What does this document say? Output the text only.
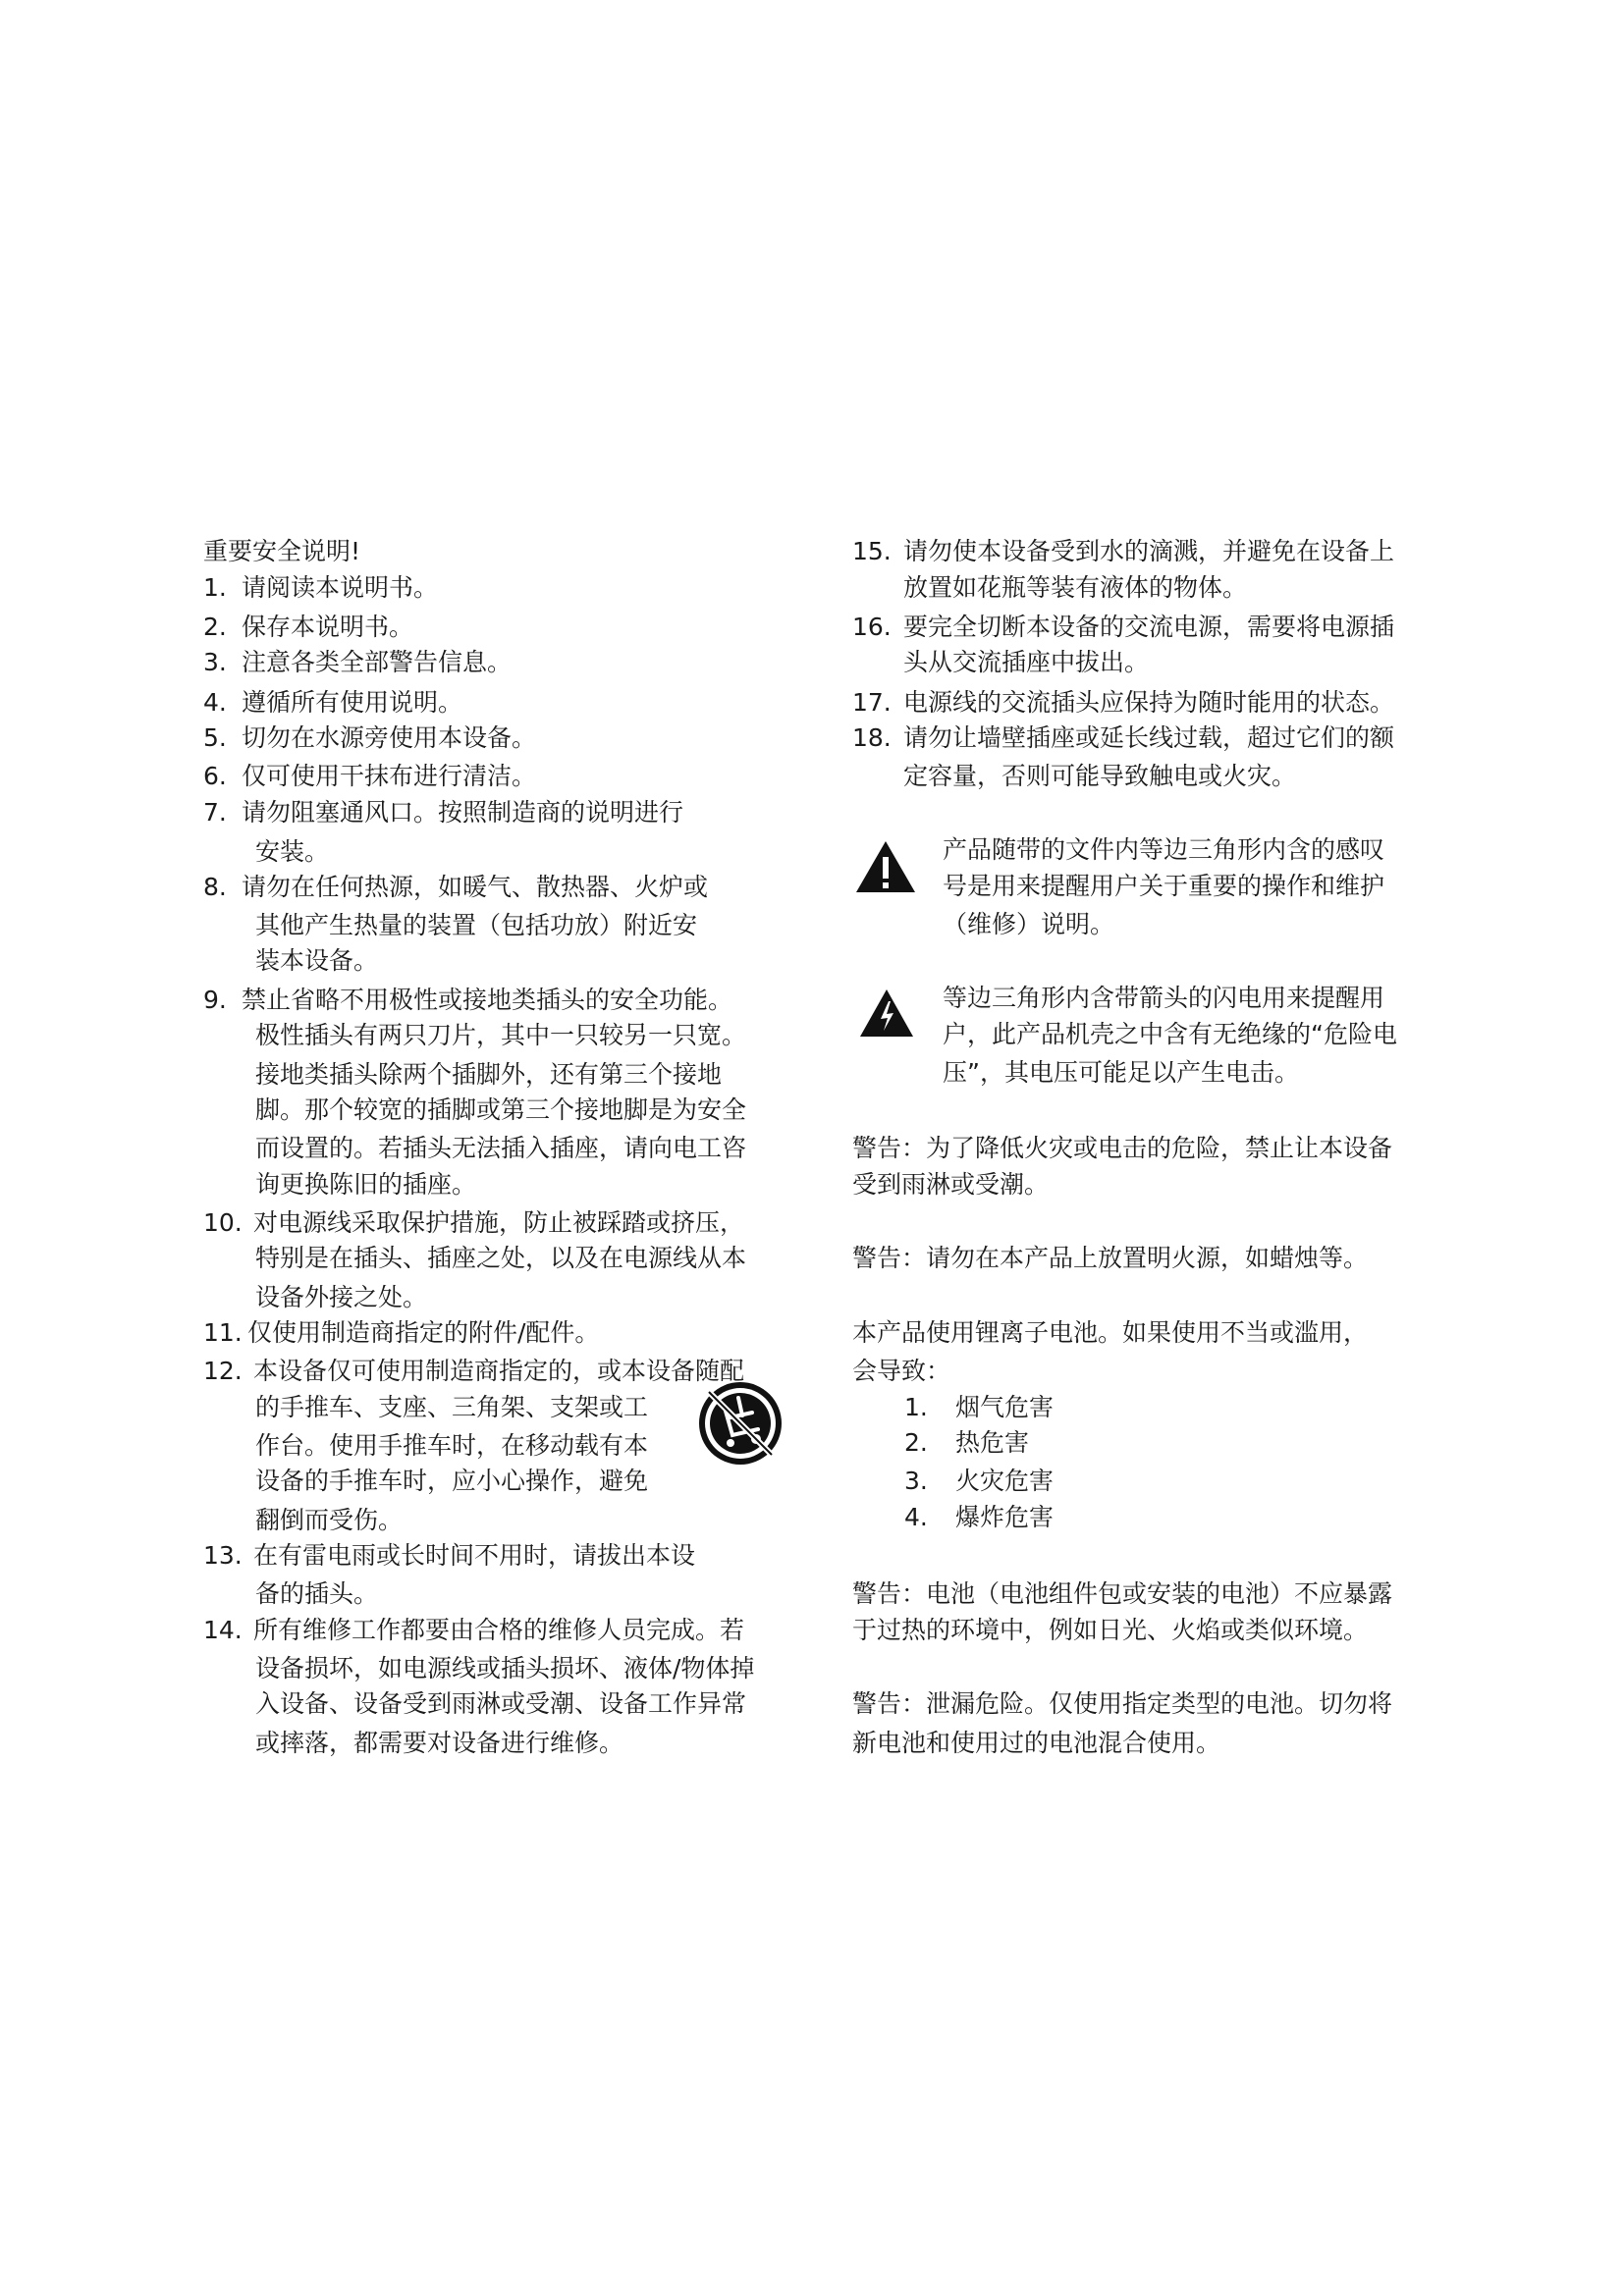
重要安全说明!
1. 请阅读本说明书。
2. 保存本说明书。
3. 注意各类全部警告信息。
4. 遵循所有使用说明。
5. 切勿在水源旁使用本设备。
6. 仅可使用干抹布进行清洁。
7. 请勿阻塞通风口。按照制造商的说明进行
安装。
8. 请勿在任何热源，如暖气、散热器、火炉或
其他产生热量的装置（包括功放）附近安
装本设备。
9. 禁止省略不用极性或接地类插头的安全功能。
极性插头有两只刀片，其中一只较另一只宽。
接地类插头除两个插脚外，还有第三个接地
脚。那个较宽的插脚或第三个接地脚是为安全
而设置的。若插头无法插入插座，请向电工咨
询更换陈旧的插座。
10. 对电源线采取保护措施，防止被踩踏或挤压，
特别是在插头、插座之处，以及在电源线从本
设备外接之处。
11. 仅使用制造商指定的附件/配件。
12. 本设备仅可使用制造商指定的，或本设备随配
的手推车、支座、三角架、支架或工
作台。使用手推车时，在移动载有本
设备的手推车时，应小心操作，避免
翻倒而受伤。
13. 在有雷电雨或长时间不用时，请拔出本设
备的插头。
14. 所有维修工作都要由合格的维修人员完成。若
设备损坏，如电源线或插头损坏、液体/物体掉
入设备、设备受到雨淋或受潮、设备工作异常
或摔落，都需要对设备进行维修。
15. 请勿使本设备受到水的滴溅，并避免在设备上
放置如花瓶等装有液体的物体。
16. 要完全切断本设备的交流电源，需要将电源插
头从交流插座中拔出。
17. 电源线的交流插头应保持为随时能用的状态。
18. 请勿让墙壁插座或延长线过载，超过它们的额
定容量，否则可能导致触电或火灾。
产品随带的文件内等边三角形内含的感叹
号是用来提醒用户关于重要的操作和维护
（维修）说明。
等边三角形内含带箭头的闪电用来提醒用
户，此产品机壳之中含有无绝缘的“危险电
压”，其电压可能足以产生电击。
警告：为了降低火灾或电击的危险，禁止让本设备
受到雨淋或受潮。
警告：请勿在本产品上放置明火源，如蜡烛等。
本产品使用锂离子电池。如果使用不当或滥用，
会导致：
1. 烟气危害
2. 热危害
3. 火灾危害
4. 爆炸危害
警告：电池（电池组件包或安装的电池）不应暴露
于过热的环境中，例如日光、火焰或类似环境。
警告：泄漏危险。仅使用指定类型的电池。切勿将
新电池和使用过的电池混合使用。
